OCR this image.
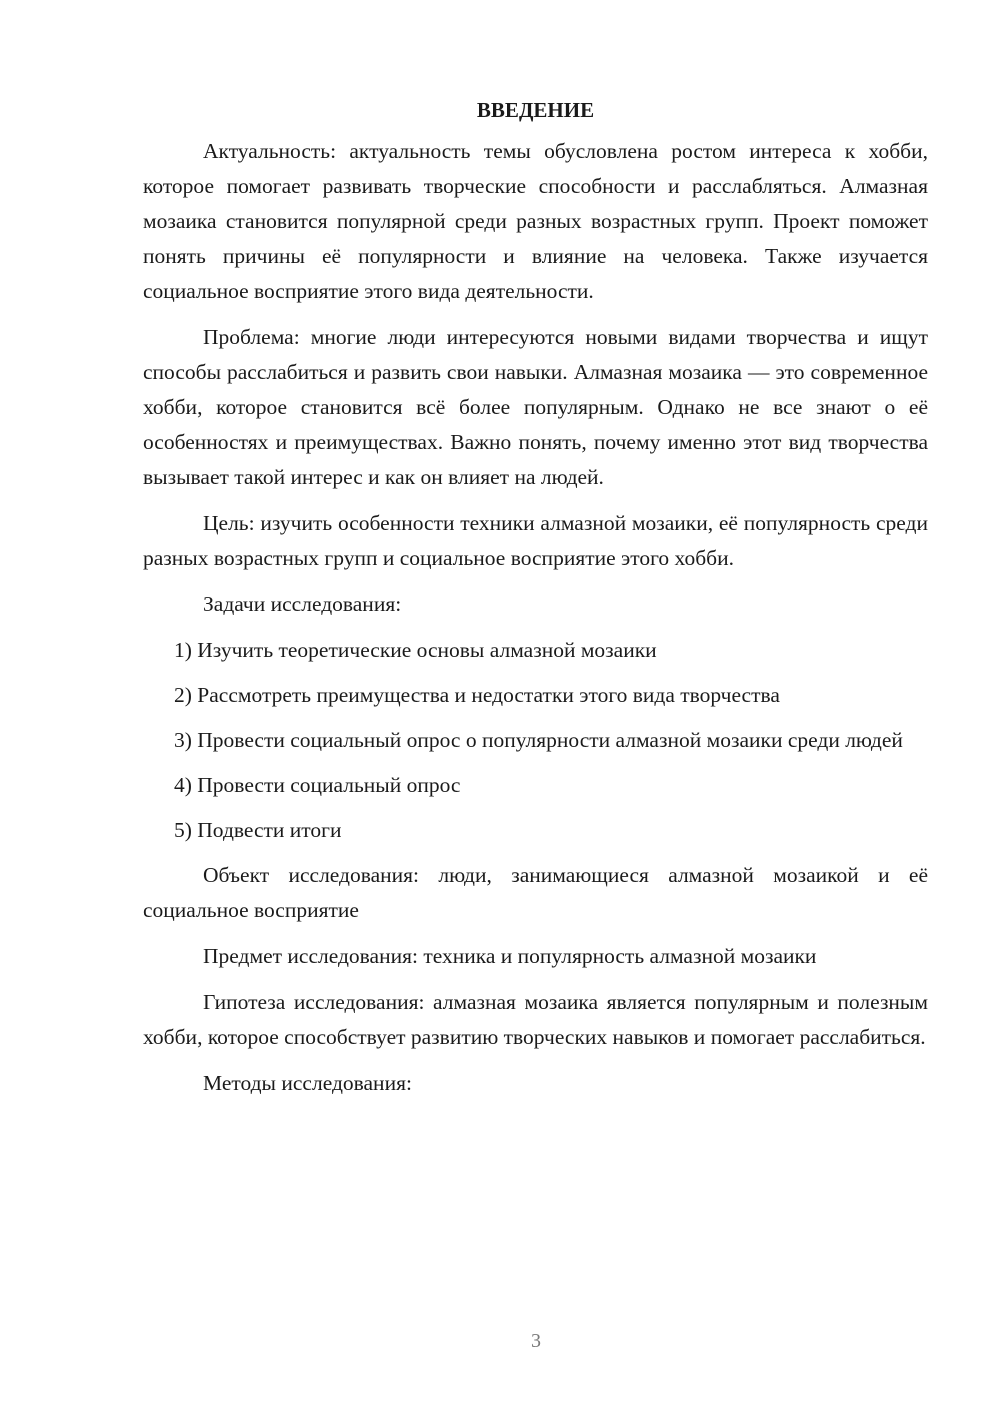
ВВЕДЕНИЕ

Актуальность: актуальность темы обусловлена ростом интереса к хобби, которое помогает развивать творческие способности и расслабляться. Алмазная мозаика становится популярной среди разных возрастных групп. Проект поможет понять причины её популярности и влияние на человека. Также изучается социальное восприятие этого вида деятельности.

Проблема: многие люди интересуются новыми видами творчества и ищут способы расслабиться и развить свои навыки. Алмазная мозаика — это современное хобби, которое становится всё более популярным. Однако не все знают о её особенностях и преимуществах. Важно понять, почему именно этот вид творчества вызывает такой интерес и как он влияет на людей.

Цель: изучить особенности техники алмазной мозаики, её популярность среди разных возрастных групп и социальное восприятие этого хобби.

Задачи исследования:

1) Изучить теоретические основы алмазной мозаики

2) Рассмотреть преимущества и недостатки этого вида творчества

3) Провести социальный опрос о популярности алмазной мозаики среди людей

4) Провести социальный опрос

5) Подвести итоги

Объект исследования: люди, занимающиеся алмазной мозаикой и её социальное восприятие

Предмет исследования: техника и популярность алмазной мозаики

Гипотеза исследования: алмазная мозаика является популярным и полезным хобби, которое способствует развитию творческих навыков и помогает расслабиться.

Методы исследования:

3
